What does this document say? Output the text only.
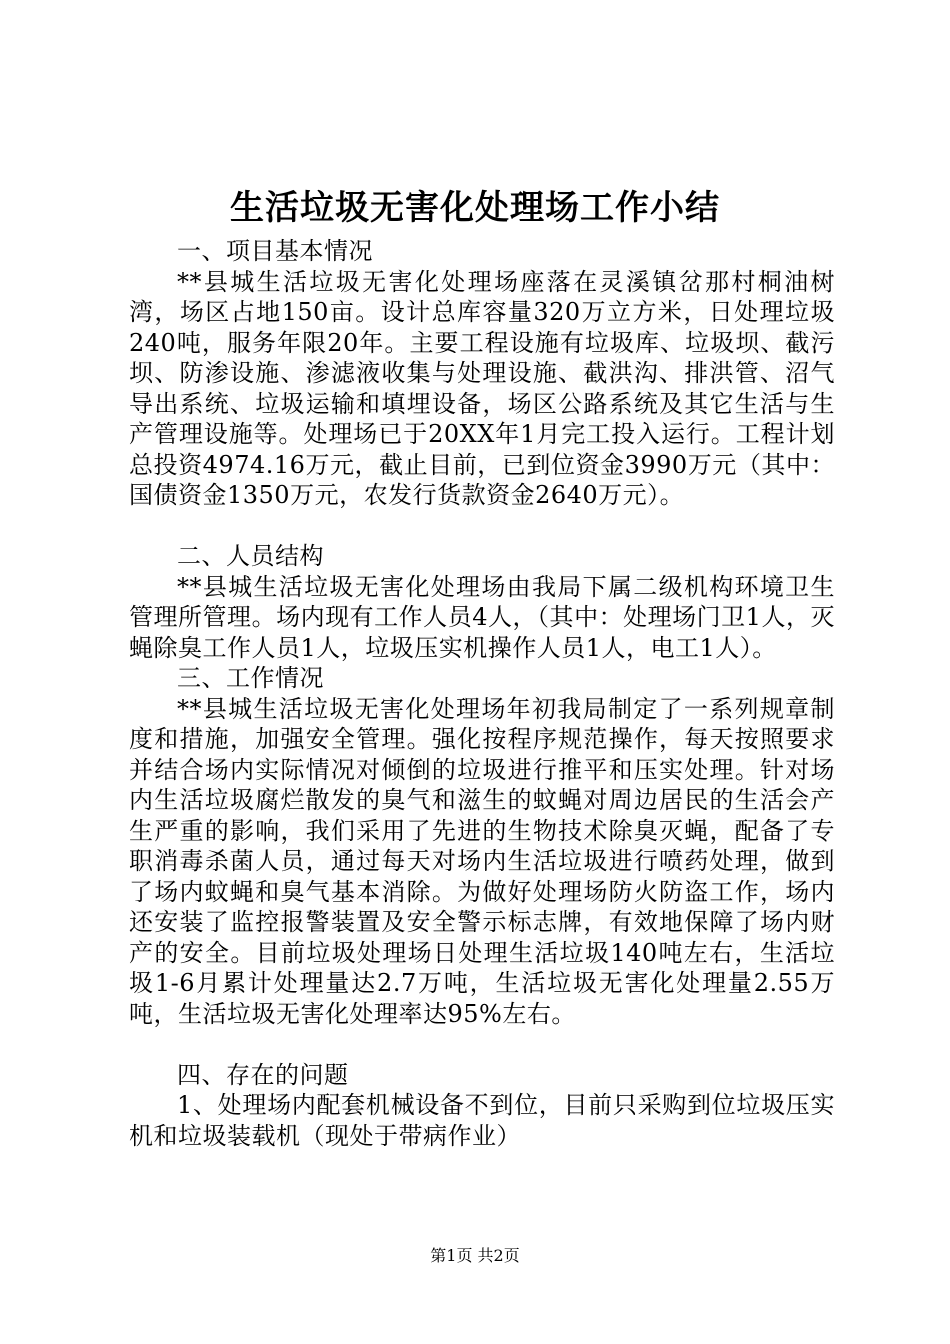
生活垃圾无害化处理场工作小结

一、项目基本情况

**县城生活垃圾无害化处理场座落在灵溪镇岔那村桐油树湾，场区占地150亩。设计总库容量320万立方米，日处理垃圾240吨，服务年限20年。主要工程设施有垃圾库、垃圾坝、截污坝、防渗设施、渗滤液收集与处理设施、截洪沟、排洪管、沼气导出系统、垃圾运输和填埋设备，场区公路系统及其它生活与生产管理设施等。处理场已于20XX年1月完工投入运行。工程计划总投资4974.16万元，截止目前，已到位资金3990万元（其中：国债资金1350万元，农发行货款资金2640万元）。

二、人员结构

**县城生活垃圾无害化处理场由我局下属二级机构环境卫生管理所管理。场内现有工作人员4人，（其中：处理场门卫1人，灭蝇除臭工作人员1人，垃圾压实机操作人员1人，电工1人）。

三、工作情况

**县城生活垃圾无害化处理场年初我局制定了一系列规章制度和措施，加强安全管理。强化按程序规范操作，每天按照要求并结合场内实际情况对倾倒的垃圾进行推平和压实处理。针对场内生活垃圾腐烂散发的臭气和滋生的蚊蝇对周边居民的生活会产生严重的影响，我们采用了先进的生物技术除臭灭蝇，配备了专职消毒杀菌人员，通过每天对场内生活垃圾进行喷药处理，做到了场内蚊蝇和臭气基本消除。为做好处理场防火防盗工作，场内还安装了监控报警装置及安全警示标志牌，有效地保障了场内财产的安全。目前垃圾处理场日处理生活垃圾140吨左右，生活垃圾1-6月累计处理量达2.7万吨，生活垃圾无害化处理量2.55万吨，生活垃圾无害化处理率达95%左右。

四、存在的问题

1、处理场内配套机械设备不到位，目前只采购到位垃圾压实机和垃圾装载机（现处于带病作业）

第1页 共2页
